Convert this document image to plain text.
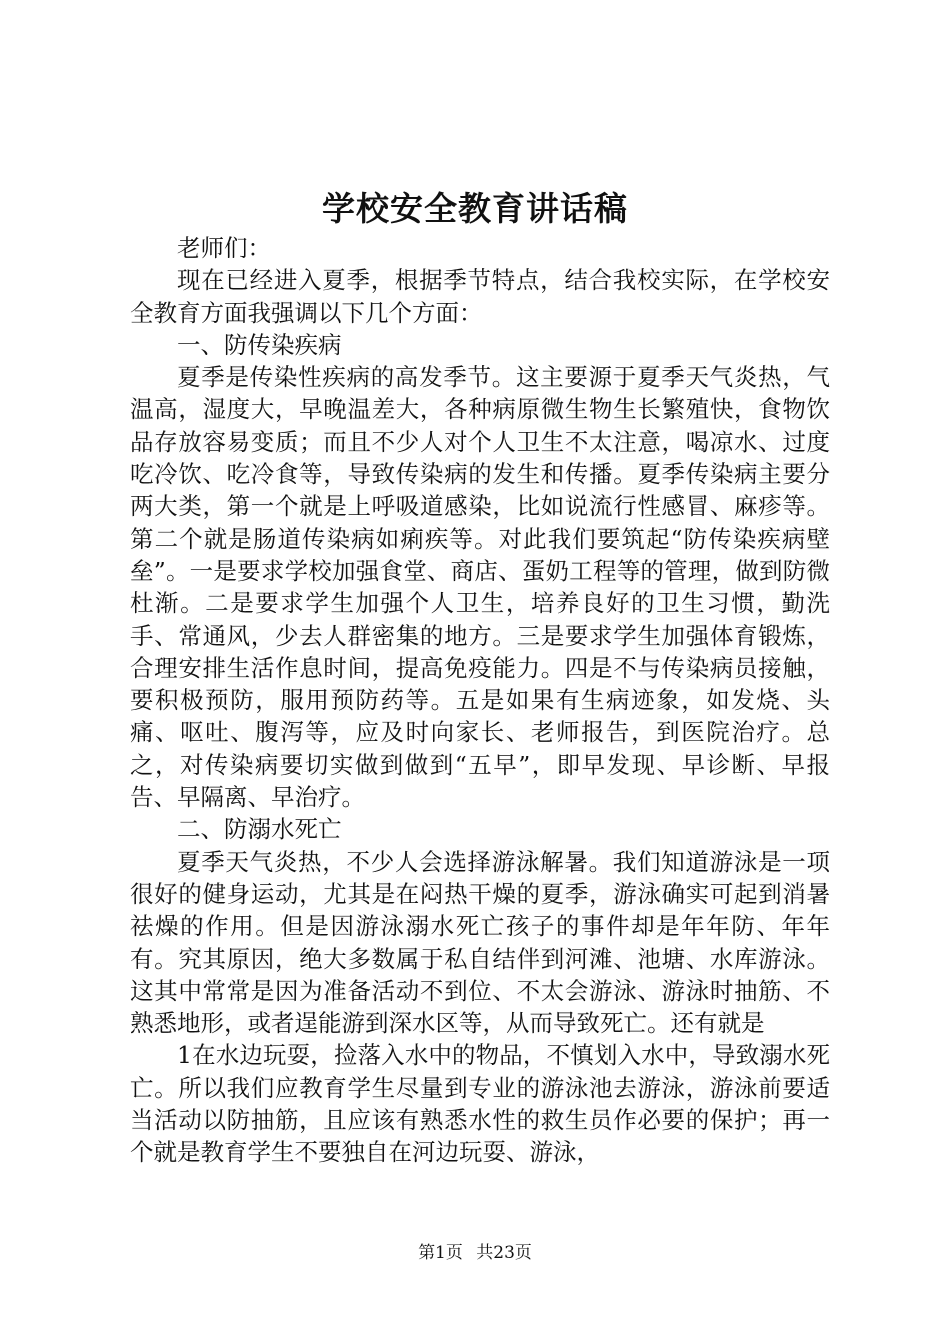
学校安全教育讲话稿

老师们：

现在已经进入夏季，根据季节特点，结合我校实际，在学校安全教育方面我强调以下几个方面：

一、防传染疾病

夏季是传染性疾病的高发季节。这主要源于夏季天气炎热，气温高，湿度大，早晚温差大，各种病原微生物生长繁殖快，食物饮品存放容易变质；而且不少人对个人卫生不太注意，喝凉水、过度吃冷饮、吃冷食等，导致传染病的发生和传播。夏季传染病主要分两大类，第一个就是上呼吸道感染，比如说流行性感冒、麻疹等。第二个就是肠道传染病如痢疾等。对此我们要筑起“防传染疾病壁垒”。一是要求学校加强食堂、商店、蛋奶工程等的管理，做到防微杜渐。二是要求学生加强个人卫生，培养良好的卫生习惯，勤洗手、常通风，少去人群密集的地方。三是要求学生加强体育锻炼，合理安排生活作息时间，提高免疫能力。四是不与传染病员接触，要积极预防，服用预防药等。五是如果有生病迹象，如发烧、头痛、呕吐、腹泻等，应及时向家长、老师报告，到医院治疗。总之，对传染病要切实做到做到“五早”，即早发现、早诊断、早报告、早隔离、早治疗。

二、防溺水死亡

夏季天气炎热，不少人会选择游泳解暑。我们知道游泳是一项很好的健身运动，尤其是在闷热干燥的夏季，游泳确实可起到消暑祛燥的作用。但是因游泳溺水死亡孩子的事件却是年年防、年年有。究其原因，绝大多数属于私自结伴到河滩、池塘、水库游泳。这其中常常是因为准备活动不到位、不太会游泳、游泳时抽筋、不熟悉地形，或者逞能游到深水区等，从而导致死亡。还有就是

1在水边玩耍，捡落入水中的物品，不慎划入水中，导致溺水死亡。所以我们应教育学生尽量到专业的游泳池去游泳，游泳前要适当活动以防抽筋，且应该有熟悉水性的救生员作必要的保护；再一个就是教育学生不要独自在河边玩耍、游泳，

第1页 共23页
